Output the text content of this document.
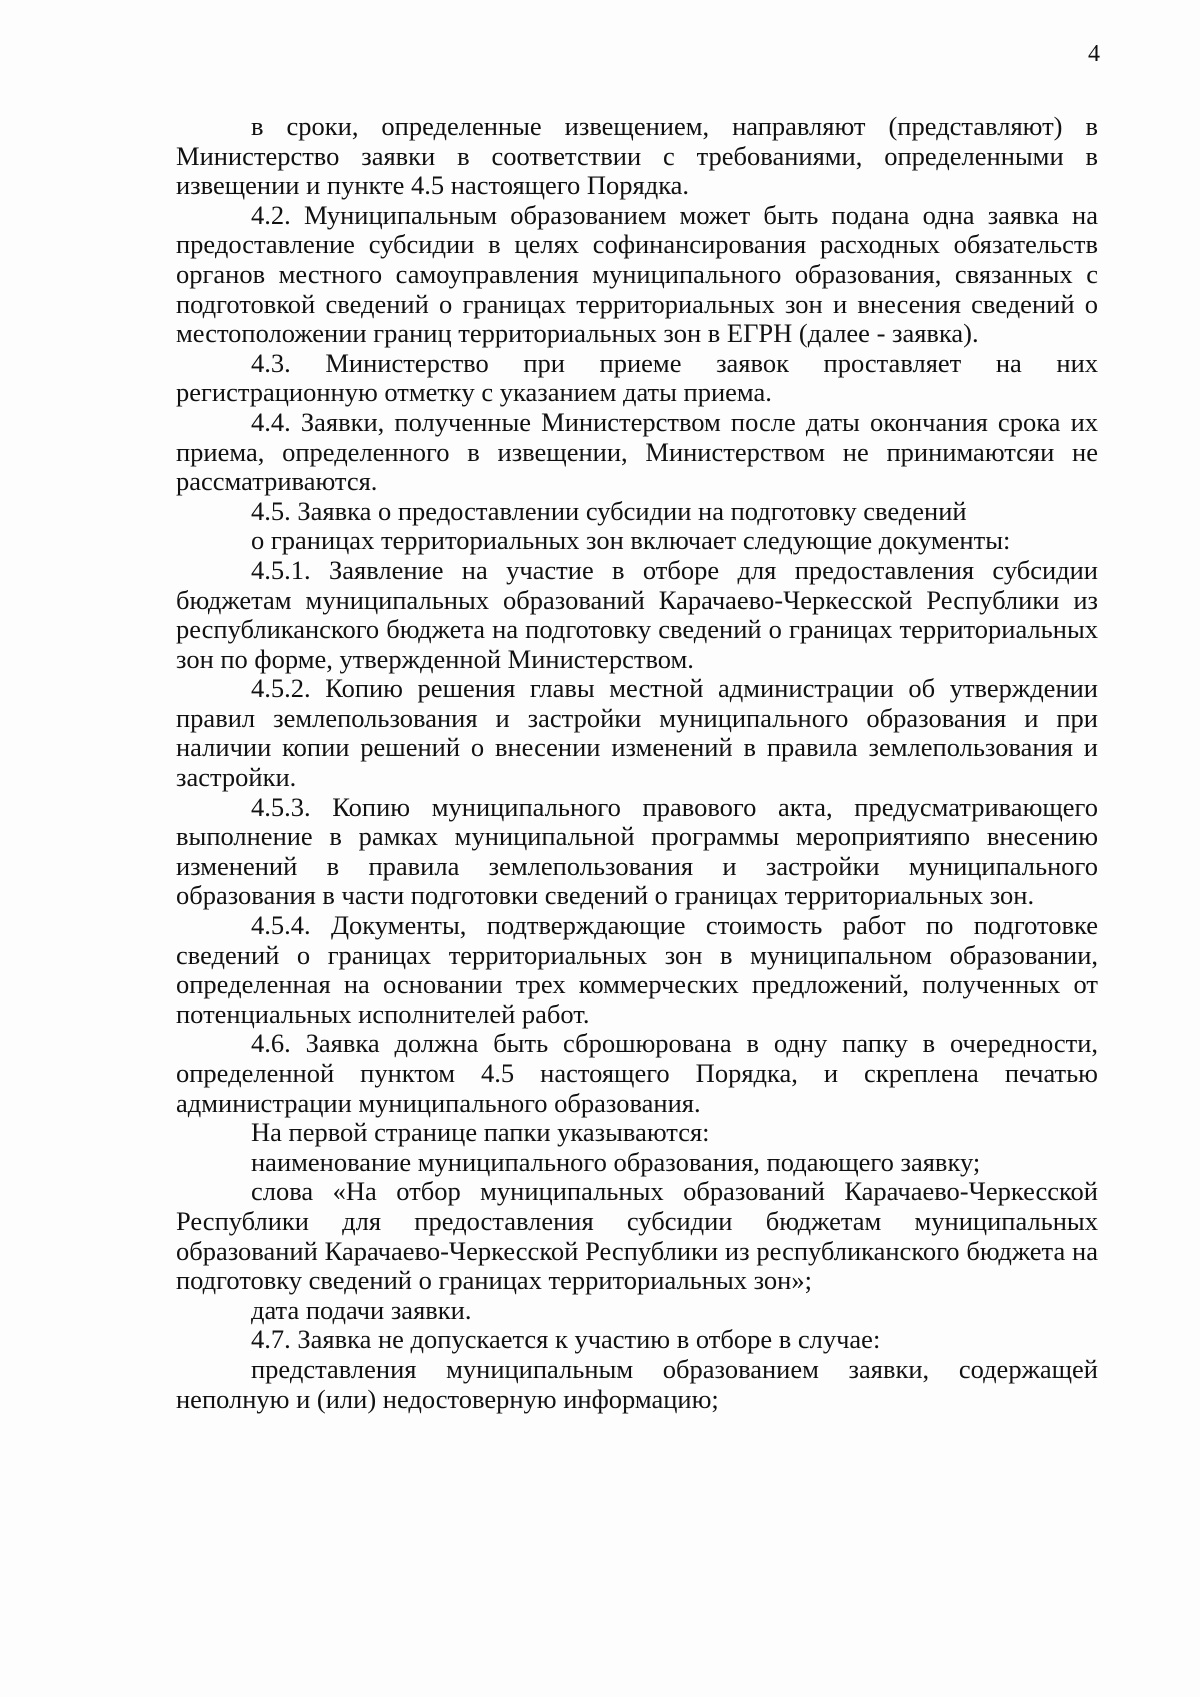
4

в сроки, определенные извещением, направляют (представляют) в Министерство заявки в соответствии с требованиями, определенными в извещении и пункте 4.5 настоящего Порядка.

4.2. Муниципальным образованием может быть подана одна заявка на предоставление субсидии в целях софинансирования расходных обязательств органов местного самоуправления муниципального образования, связанных с подготовкой сведений о границах территориальных зон и внесения сведений о местоположении границ территориальных зон в ЕГРН (далее - заявка).

4.3. Министерство при приеме заявок проставляет на них регистрационную отметку с указанием даты приема.

4.4. Заявки, полученные Министерством после даты окончания срока их приема, определенного в извещении, Министерством не принимаютсяи не рассматриваются.

4.5. Заявка о предоставлении субсидии на подготовку сведений

о границах территориальных зон включает следующие документы:

4.5.1. Заявление на участие в отборе для предоставления субсидии бюджетам муниципальных образований Карачаево-Черкесской Республики из республиканского бюджета на подготовку сведений о границах территориальных зон по форме, утвержденной Министерством.

4.5.2. Копию решения главы местной администрации об утверждении правил землепользования и застройки муниципального образования и при наличии копии решений о внесении изменений в правила землепользования и застройки.

4.5.3. Копию муниципального правового акта, предусматривающего выполнение в рамках муниципальной программы мероприятияпо внесению изменений в правила землепользования и застройки муниципального образования в части подготовки сведений о границах территориальных зон.

4.5.4. Документы, подтверждающие стоимость работ по подготовке сведений о границах территориальных зон в муниципальном образовании, определенная на основании трех коммерческих предложений, полученных от потенциальных исполнителей работ.

4.6. Заявка должна быть сброшюрована в одну папку в очередности, определенной пунктом 4.5 настоящего Порядка, и скреплена печатью администрации муниципального образования.

На первой странице папки указываются:

наименование муниципального образования, подающего заявку;

слова «На отбор муниципальных образований Карачаево-Черкесской Республики для предоставления субсидии бюджетам муниципальных образований Карачаево-Черкесской Республики из республиканского бюджета на подготовку сведений о границах территориальных зон»;

дата подачи заявки.

4.7. Заявка не допускается к участию в отборе в случае:

представления муниципальным образованием заявки, содержащей неполную и (или) недостоверную информацию;
